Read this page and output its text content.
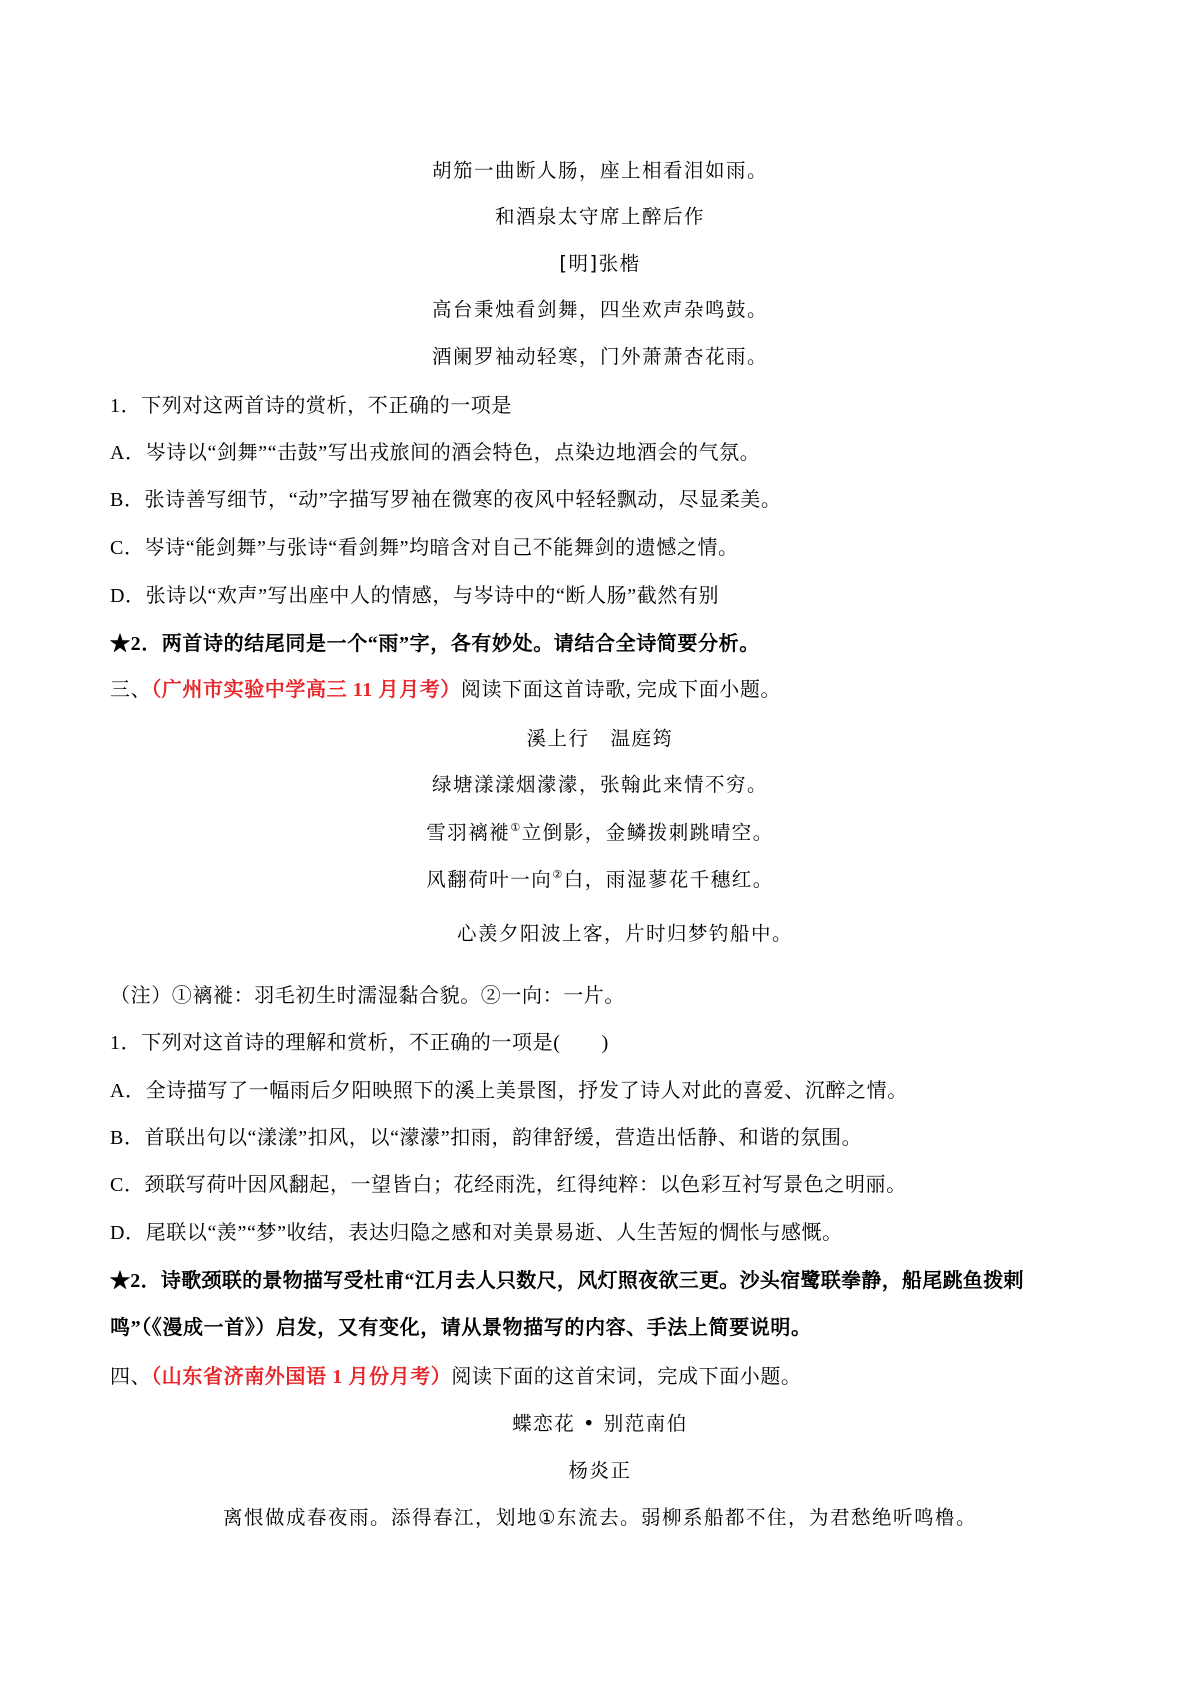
胡笳一曲断人肠，座上相看泪如雨。
和酒泉太守席上醉后作
[明]张楷
高台秉烛看剑舞，四坐欢声杂鸣鼓。
酒阑罗袖动轻寒，门外萧萧杏花雨。
1．下列对这两首诗的赏析，不正确的一项是
A．岑诗以“剑舞”“击鼓”写出戎旅间的酒会特色，点染边地酒会的气氛。
B．张诗善写细节，“动”字描写罗袖在微寒的夜风中轻轻飘动，尽显柔美。
C．岑诗“能剑舞”与张诗“看剑舞”均暗含对自己不能舞剑的遗憾之情。
D．张诗以“欢声”写出座中人的情感，与岑诗中的“断人肠”截然有别
★2．两首诗的结尾同是一个“雨”字，各有妙处。请结合全诗简要分析。
三、（广州市实验中学高三 11 月月考）阅读下面这首诗歌, 完成下面小题。
溪上行　温庭筠
绿塘漾漾烟濛濛，张翰此来情不穷。
雪羽褵褷①立倒影，金鳞拨刺跳晴空。
风翻荷叶一向②白，雨湿蓼花千穗红。
心羡夕阳波上客，片时归梦钓船中。
（注）①褵褷：羽毛初生时濡湿黏合貌。②一向：一片。
1．下列对这首诗的理解和赏析，不正确的一项是(　　)
A．全诗描写了一幅雨后夕阳映照下的溪上美景图，抒发了诗人对此的喜爱、沉醉之情。
B．首联出句以“漾漾”扣风，以“濛濛”扣雨，韵律舒缓，营造出恬静、和谐的氛围。
C．颈联写荷叶因风翻起，一望皆白；花经雨洗，红得纯粹：以色彩互衬写景色之明丽。
D．尾联以“羡”“梦”收结，表达归隐之感和对美景易逝、人生苦短的惆怅与感慨。
★2．诗歌颈联的景物描写受杜甫“江月去人只数尺，风灯照夜欲三更。沙头宿鹭联拳静，船尾跳鱼拨剌
鸣”（《漫成一首》）启发，又有变化，请从景物描写的内容、手法上简要说明。
四、（山东省济南外国语 1 月份月考）阅读下面的这首宋词，完成下面小题。
蝶恋花 • 别范南伯
杨炎正
离恨做成春夜雨。添得春江，划地①东流去。弱柳系船都不住，为君愁绝听鸣橹。
